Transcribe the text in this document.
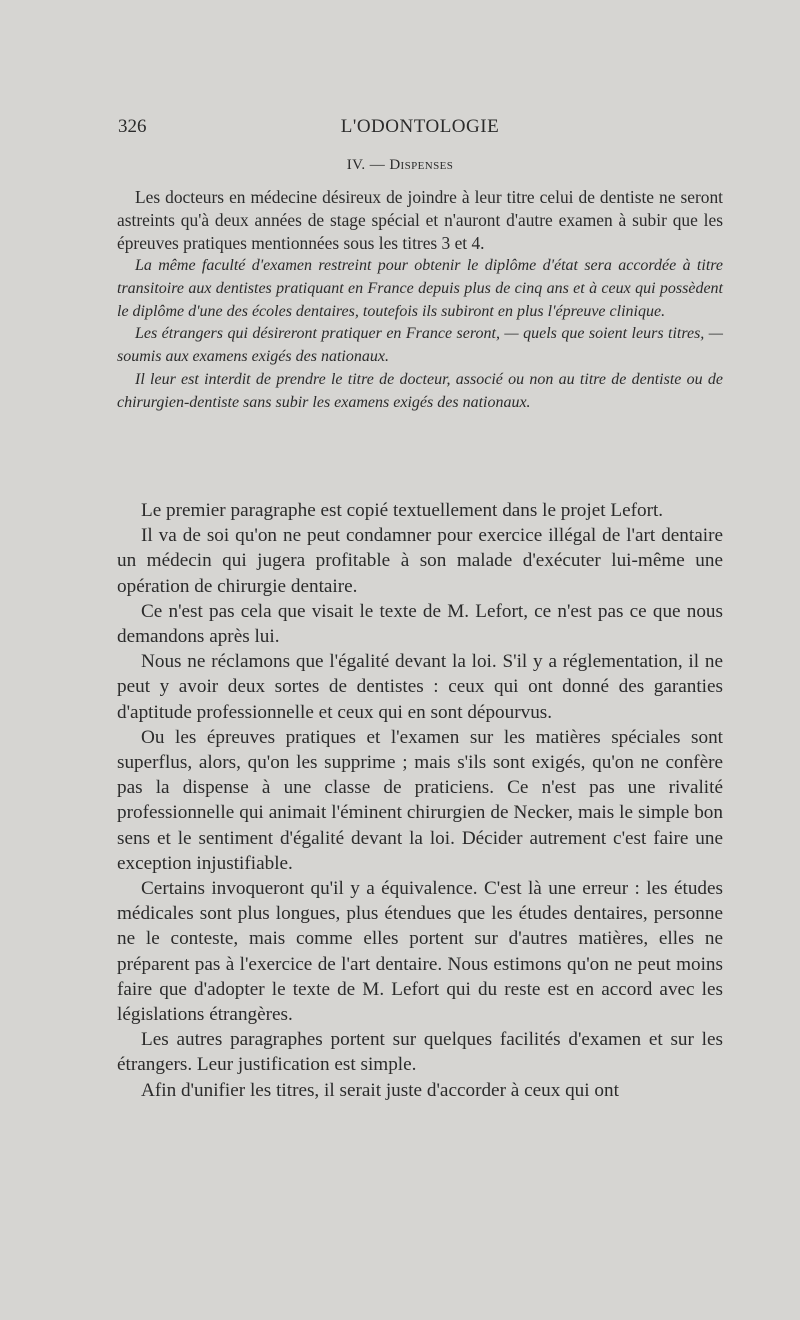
326	L'ODONTOLOGIE
IV. — Dispenses

Les docteurs en médecine désireux de joindre à leur titre celui de dentiste ne seront astreints qu'à deux années de stage spécial et n'auront d'autre examen à subir que les épreuves pratiques mentionnées sous les titres 3 et 4.

La même faculté d'examen restreint pour obtenir le diplôme d'état sera accordée à titre transitoire aux dentistes pratiquant en France depuis plus de cinq ans et à ceux qui possèdent le diplôme d'une des écoles dentaires, toutefois ils subiront en plus l'épreuve clinique.

Les étrangers qui désireront pratiquer en France seront, — quels que soient leurs titres, — soumis aux examens exigés des nationaux.

Il leur est interdit de prendre le titre de docteur, associé ou non au titre de dentiste ou de chirurgien-dentiste sans subir les examens exigés des nationaux.

Le premier paragraphe est copié textuellement dans le projet Lefort.

Il va de soi qu'on ne peut condamner pour exercice illégal de l'art dentaire un médecin qui jugera profitable à son malade d'exécuter lui-même une opération de chirurgie dentaire.

Ce n'est pas cela que visait le texte de M. Lefort, ce n'est pas ce que nous demandons après lui.

Nous ne réclamons que l'égalité devant la loi. S'il y a réglementation, il ne peut y avoir deux sortes de dentistes : ceux qui ont donné des garanties d'aptitude professionnelle et ceux qui en sont dépourvus.

Ou les épreuves pratiques et l'examen sur les matières spéciales sont superflus, alors, qu'on les supprime ; mais s'ils sont exigés, qu'on ne confère pas la dispense à une classe de praticiens. Ce n'est pas une rivalité professionnelle qui animait l'éminent chirurgien de Necker, mais le simple bon sens et le sentiment d'égalité devant la loi. Décider autrement c'est faire une exception injustifiable.

Certains invoqueront qu'il y a équivalence. C'est là une erreur : les études médicales sont plus longues, plus étendues que les études dentaires, personne ne le conteste, mais comme elles portent sur d'autres matières, elles ne préparent pas à l'exercice de l'art dentaire. Nous estimons qu'on ne peut moins faire que d'adopter le texte de M. Lefort qui du reste est en accord avec les législations étrangères.

Les autres paragraphes portent sur quelques facilités d'examen et sur les étrangers. Leur justification est simple.

Afin d'unifier les titres, il serait juste d'accorder à ceux qui ont
